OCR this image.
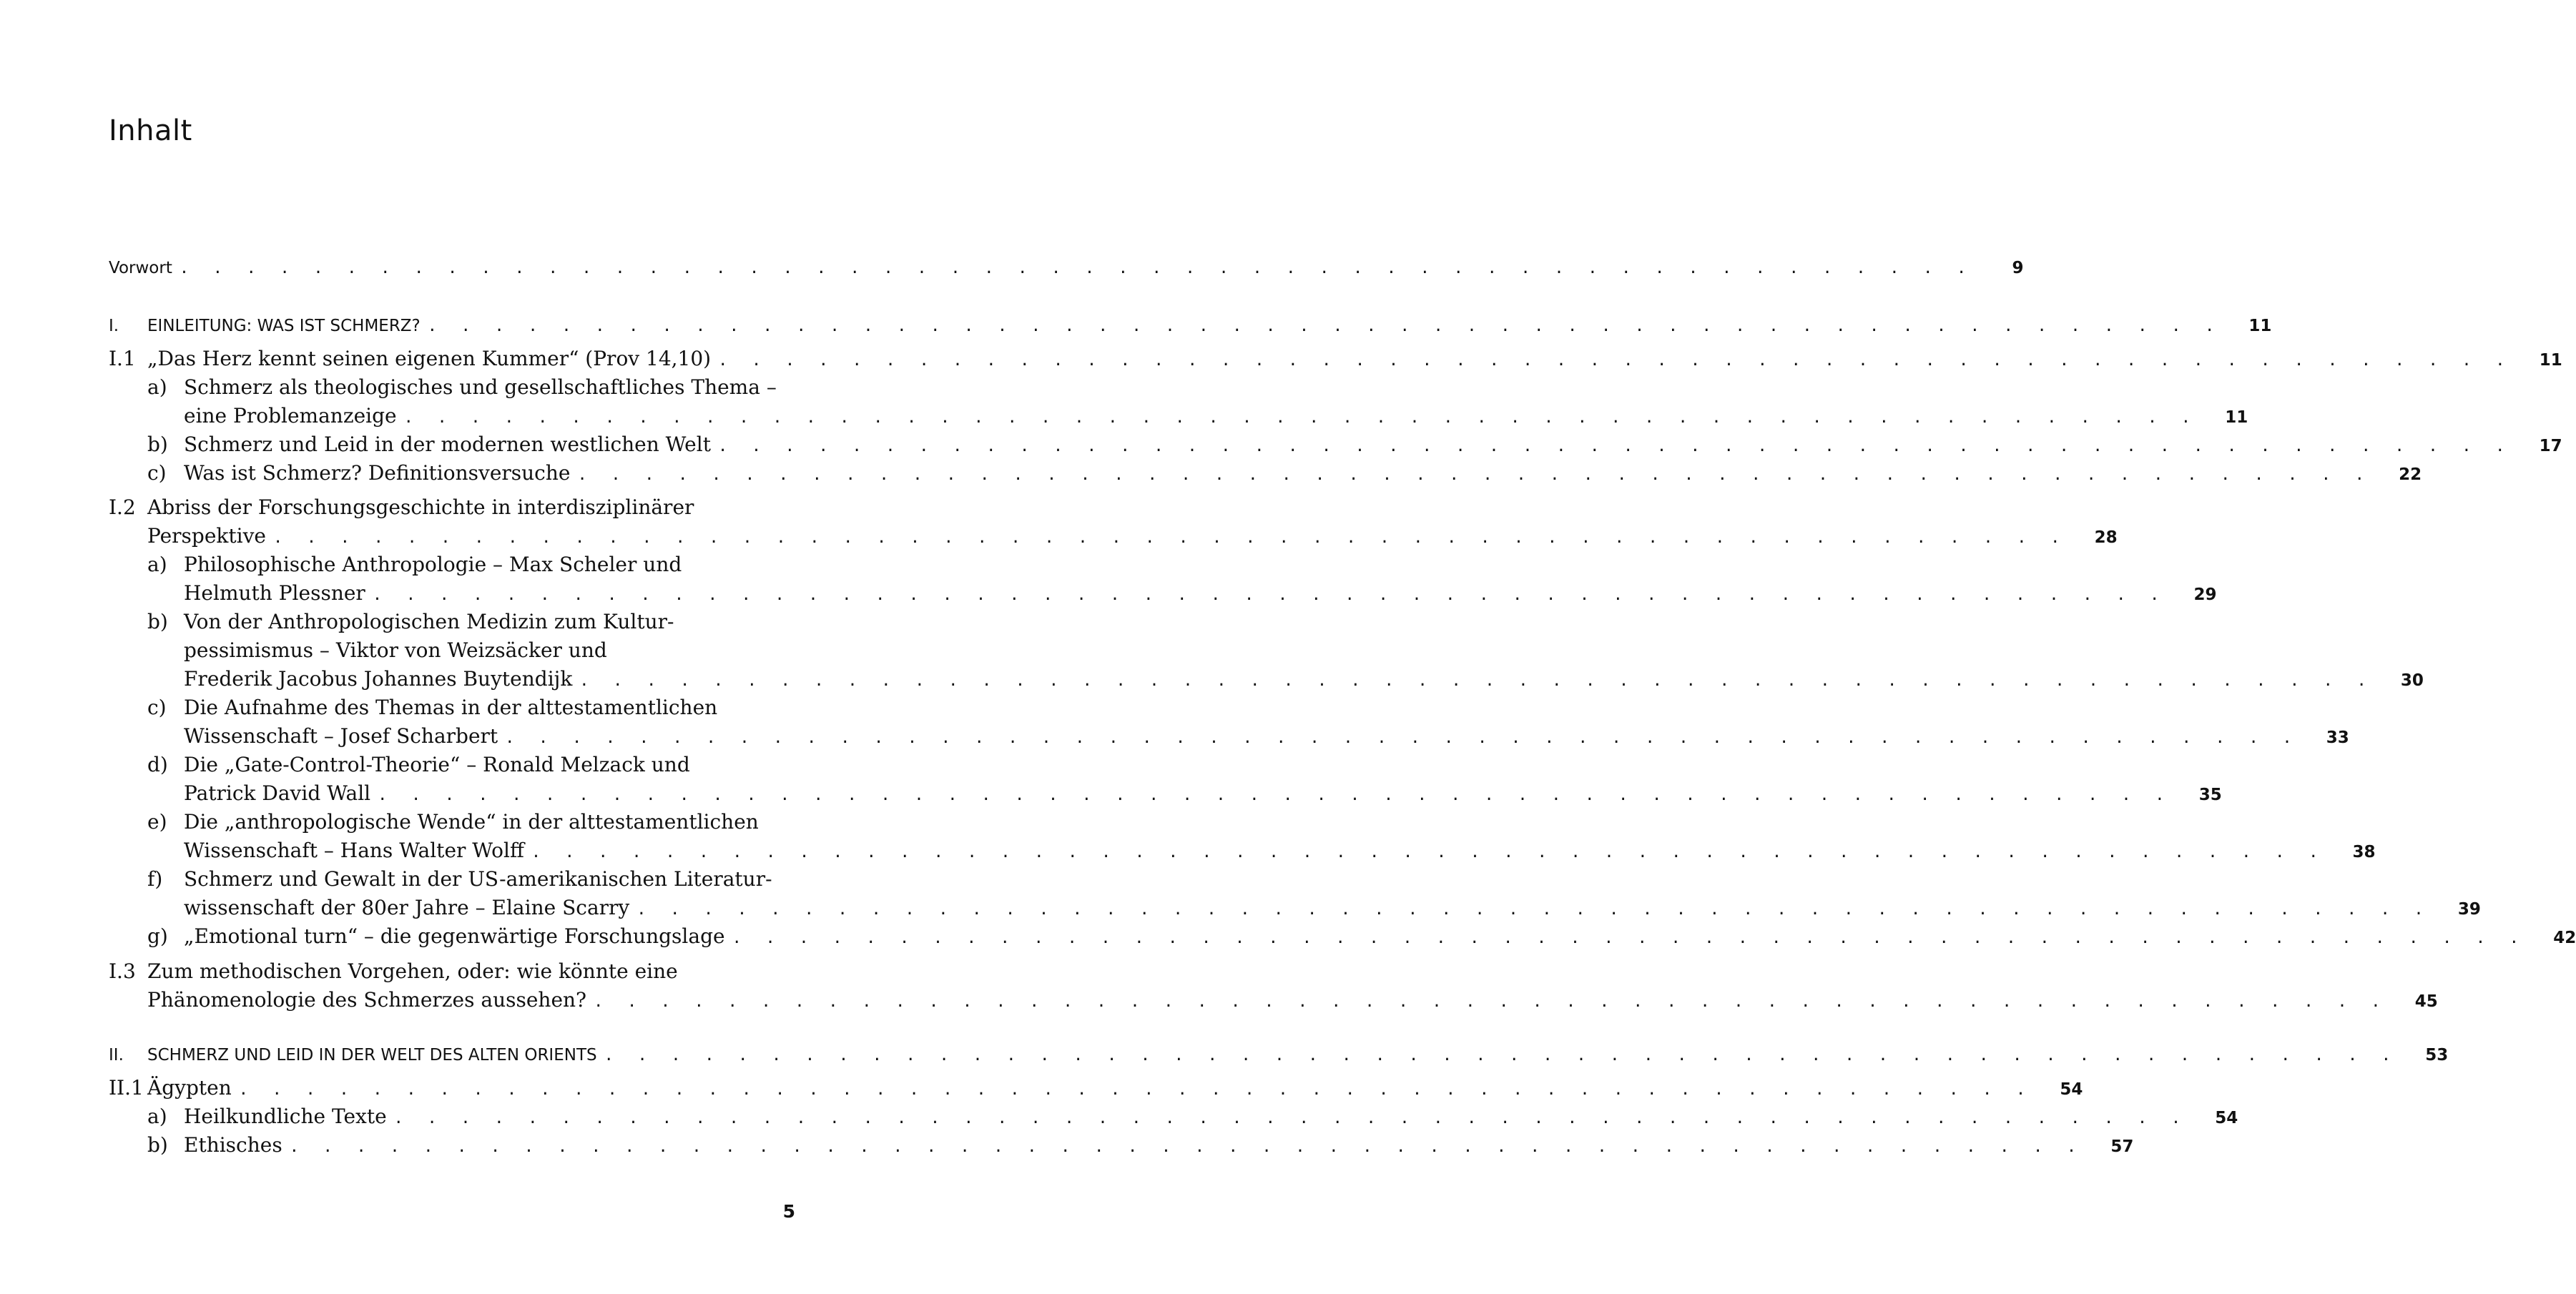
Inhalt
Vorwort . . . . . . . . . . . . . . . . . . . . . . . . . . . . . . . . . . . . . . . . . . . . . . . . . . . . . .	9
I.	EINLEITUNG: WAS IST SCHMERZ? . . . . . . . . . . . . . . . . . . . . . . . . . . . . . . . . . . . . . . . . . . . . . . . . . . . . . .	11
I.1 „Das Herz kennt seinen eigenen Kummer“ (Prov 14,10) . . . . . . . . . . . . . . . . . . . . . . . . . . . . . . . . . . . . . . . . . . . . . . . . . . . . . .	11
a) Schmerz als theologisches und gesellschaftliches Thema –
eine Problemanzeige . . . . . . . . . . . . . . . . . . . . . . . . . . . . . . . . . . . . . . . . . . . . . . . . . . . . . .	11
b) Schmerz und Leid in der modernen westlichen Welt . . . . . . . . . . . . . . . . . . . . . . . . . . . . . . . . . . . . . . . . . . . . . . . . . . . . . .	17
c) Was ist Schmerz? Definitionsversuche . . . . . . . . . . . . . . . . . . . . . . . . . . . . . . . . . . . . . . . . . . . . . . . . . . . . . .	22
I.2 Abriss der Forschungsgeschichte in interdisziplinärer
Perspektive . . . . . . . . . . . . . . . . . . . . . . . . . . . . . . . . . . . . . . . . . . . . . . . . . . . . . .	28
a) Philosophische Anthropologie – Max Scheler und
Helmuth Plessner . . . . . . . . . . . . . . . . . . . . . . . . . . . . . . . . . . . . . . . . . . . . . . . . . . . . . .	29
b) Von der Anthropologischen Medizin zum Kultur-
pessimismus – Viktor von Weizsäcker und
Frederik Jacobus Johannes Buytendijk . . . . . . . . . . . . . . . . . . . . . . . . . . . . . . . . . . . . . . . . . . . . . . . . . . . . . .	30
c) Die Aufnahme des Themas in der alttestamentlichen
Wissenschaft – Josef Scharbert . . . . . . . . . . . . . . . . . . . . . . . . . . . . . . . . . . . . . . . . . . . . . . . . . . . . . .	33
d) Die „Gate-Control-Theorie“ – Ronald Melzack und
Patrick David Wall . . . . . . . . . . . . . . . . . . . . . . . . . . . . . . . . . . . . . . . . . . . . . . . . . . . . . .	35
e) Die „anthropologische Wende“ in der alttestamentlichen
Wissenschaft – Hans Walter Wolff . . . . . . . . . . . . . . . . . . . . . . . . . . . . . . . . . . . . . . . . . . . . . . . . . . . . . .	38
f)	Schmerz und Gewalt in der US-amerikanischen Literatur-
wissenschaft der 80er Jahre – Elaine Scarry . . . . . . . . . . . . . . . . . . . . . . . . . . . . . . . . . . . . . . . . . . . . . . . . . . . . . .	39
g) „Emotional turn“ – die gegenwärtige Forschungslage . . . . . . . . . . . . . . . . . . . . . . . . . . . . . . . . . . . . . . . . . . . . . . . . . . . . . .	42
I.3 Zum methodischen Vorgehen, oder: wie könnte eine
Phänomenologie des Schmerzes aussehen? . . . . . . . . . . . . . . . . . . . . . . . . . . . . . . . . . . . . . . . . . . . . . . . . . . . . . .	45
II.	SCHMERZ UND LEID IN DER WELT DES ALTEN ORIENTS . . . . . . . . . . . . . . . . . . . . . . . . . . . . . . . . . . . . . . . . . . . . . . . . . . . . . .	53
II.1 Ägypten . . . . . . . . . . . . . . . . . . . . . . . . . . . . . . . . . . . . . . . . . . . . . . . . . . . . . .	54
a) Heilkundliche Texte . . . . . . . . . . . . . . . . . . . . . . . . . . . . . . . . . . . . . . . . . . . . . . . . . . . . . .	54
b) Ethisches . . . . . . . . . . . . . . . . . . . . . . . . . . . . . . . . . . . . . . . . . . . . . . . . . . . . . .	57
5
